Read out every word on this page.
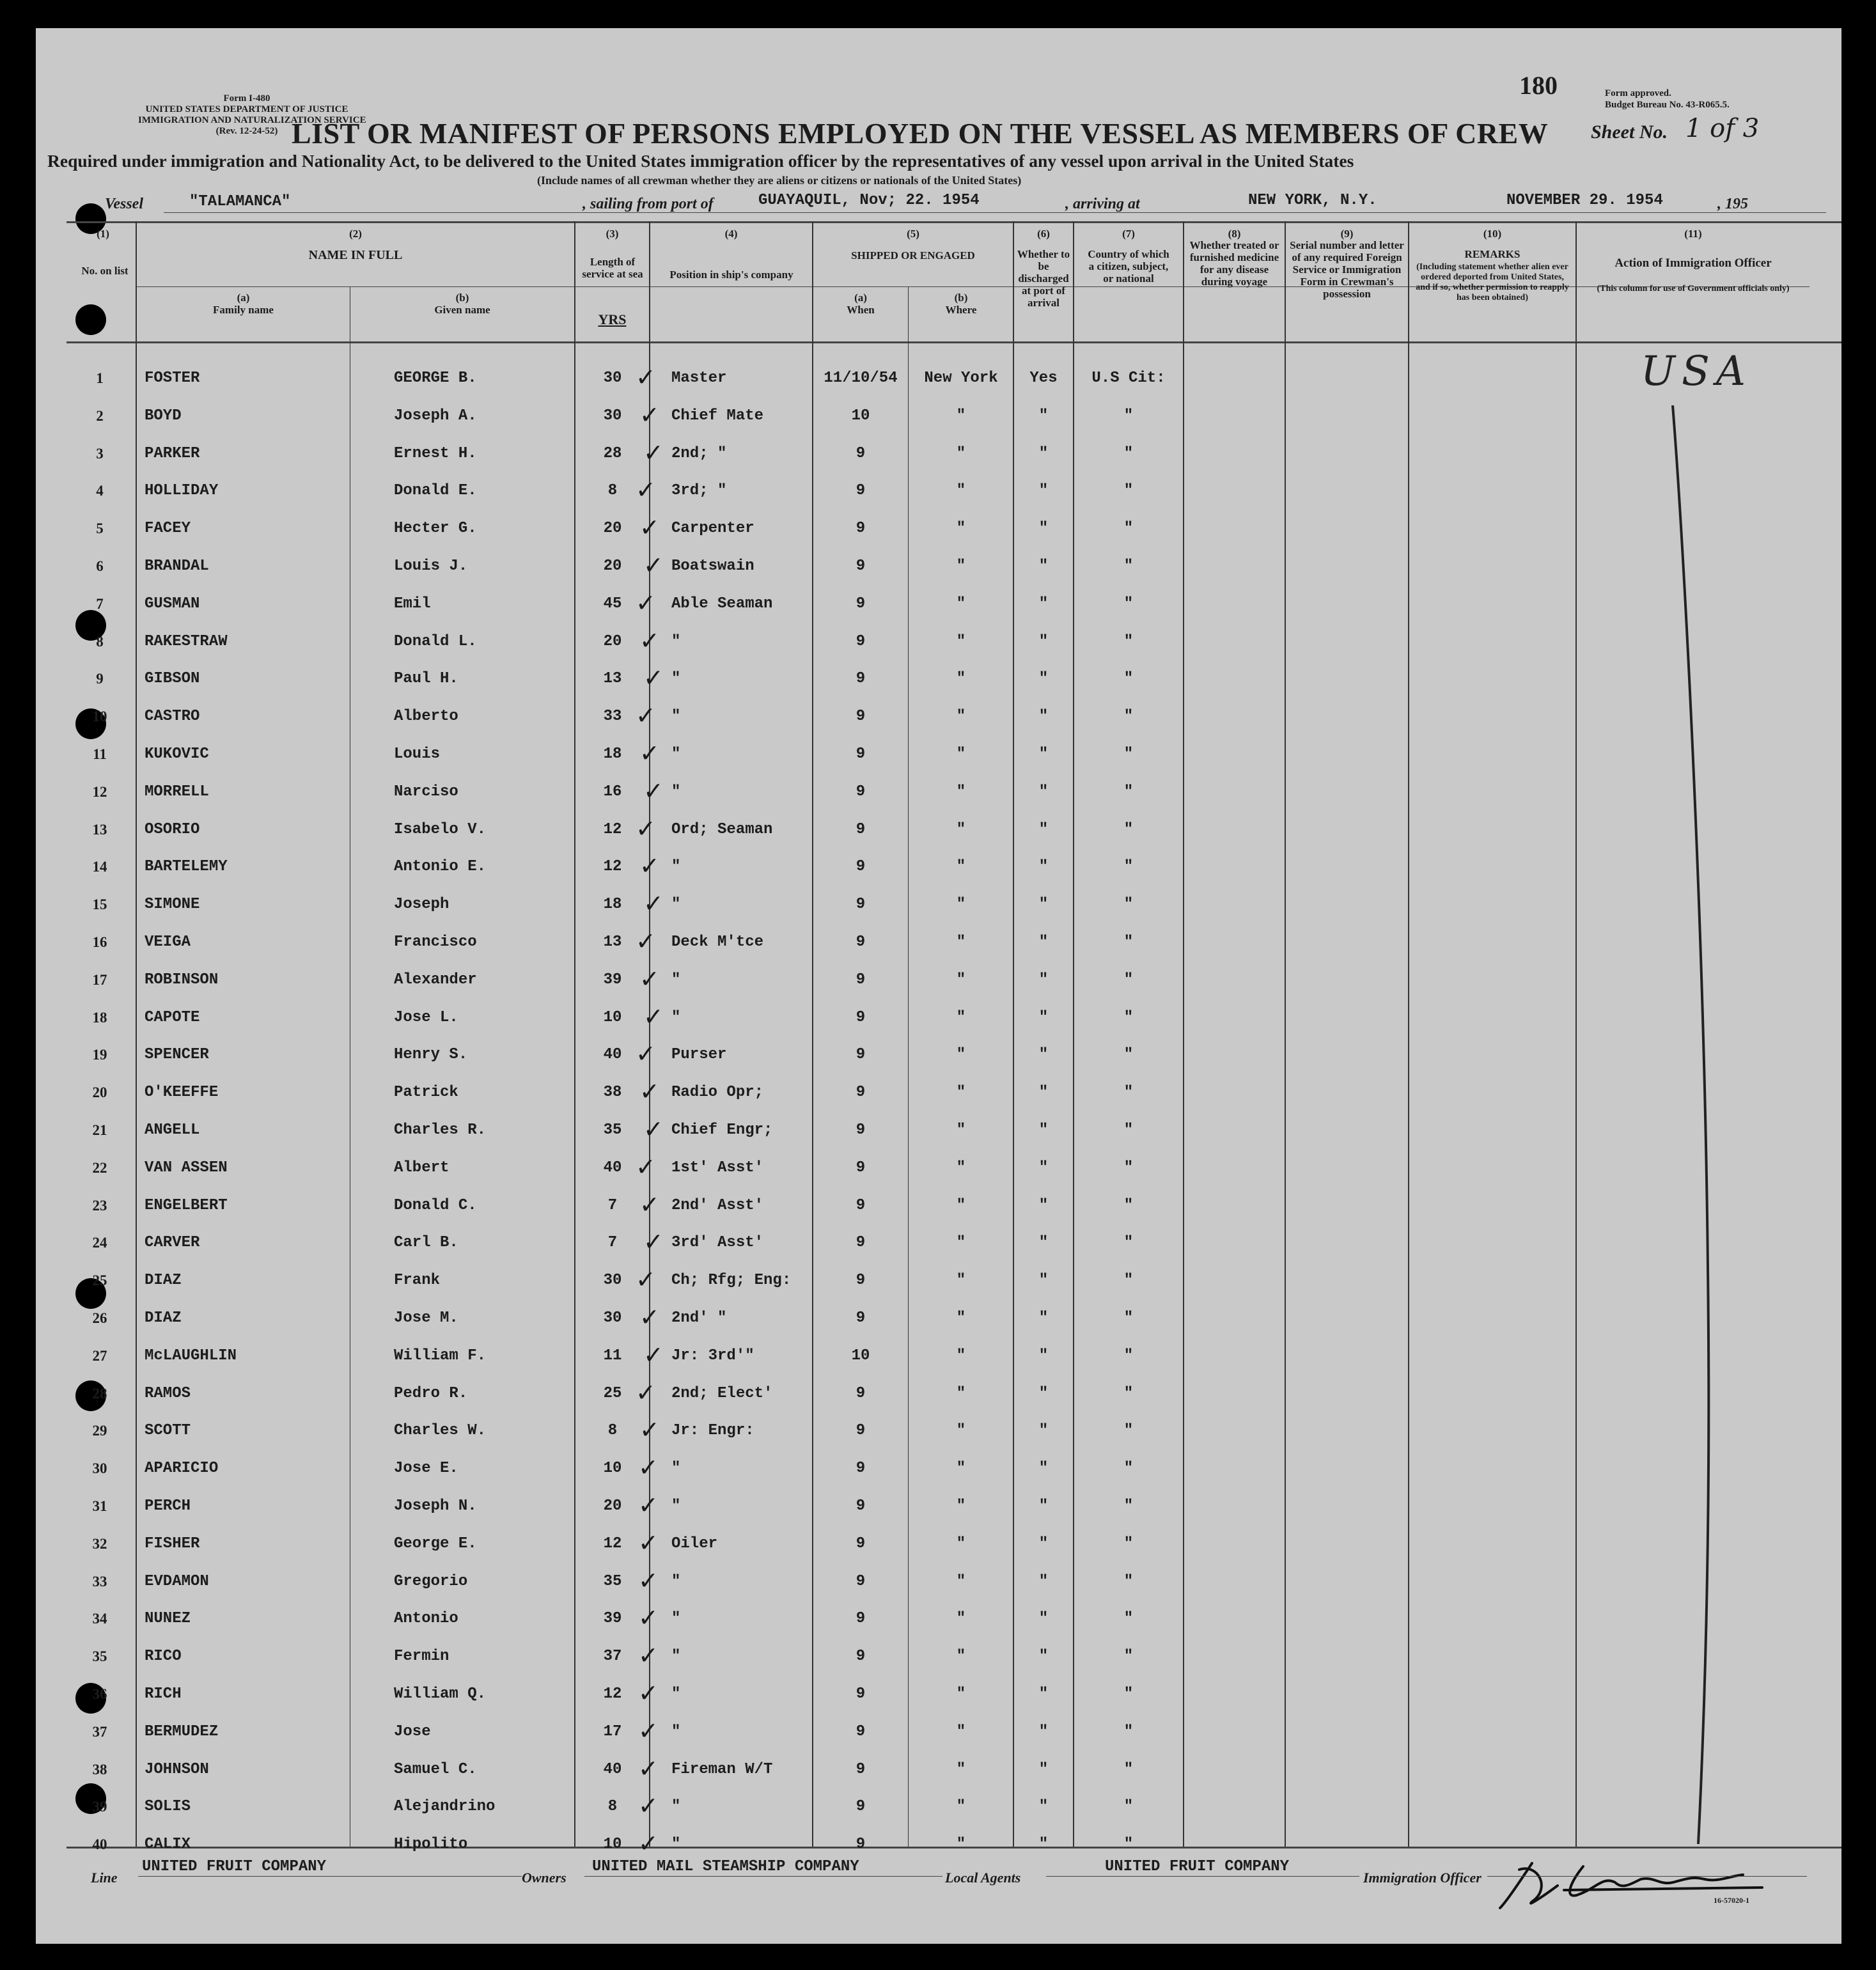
Form I-480
UNITED STATES DEPARTMENT OF JUSTICE
IMMIGRATION AND NATURALIZATION SERVICE
(Rev. 12-24-52)
180	Form approved.
Budget Bureau No. 43-R065.5.
LIST OR MANIFEST OF PERSONS EMPLOYED ON THE VESSEL AS MEMBERS OF CREW Sheet No. 1 of 3
Required under immigration and Nationality Act, to be delivered to the United States immigration officer by the representatives of any vessel upon arrival in the United States
(Include names of all crewman whether they are aliens or citizens or nationals of the United States)
Vessel	"TALAMANCA"	, sailing from port of	GUAYAQUIL, Nov; 22. 1954	, arriving at	NEW YORK, N.Y.	NOVEMBER 29. 1954	, 195
(1)
No. on list
(2)
NAME IN FULL
(a)
Family name
(b)
Given name
(3)
Length of service at sea
YRS
(4)
Position in ship's company
(5)
SHIPPED OR ENGAGED
(a)
When
(b)
Where
(6)
Whether to be discharged at port of arrival
(7)
Country of which a citizen, subject, or national
(8)
Whether treated or furnished medicine for any disease during voyage
(9)
Serial number and letter of any required Foreign Service or Immigration Form in Crewman's possession
(10)
REMARKS
(Including statement whether alien ever ordered deported from United States, and if so, whether permission to reapply has been obtained)
(11)
Action of Immigration Officer
(This column for use of Government officials only)
1	FOSTER	GEORGE B.	30	Master	11/10/54	New York	Yes	U.S Cit:
✓
2	BOYD	Joseph A.	30	Chief Mate	10	"	"	"
✓
3	PARKER	Ernest H.	28	2nd; "	9	"	"	"
✓
4	HOLLIDAY	Donald E.	8	3rd; "	9	"	"	"
✓
5	FACEY	Hecter G.	20	Carpenter	9	"	"	"
✓
6	BRANDAL	Louis J.	20	Boatswain	9	"	"	"
✓
7	GUSMAN	Emil	45	Able Seaman	9	"	"	"
✓
8	RAKESTRAW	Donald L.	20	"	9	"	"	"
✓
9	GIBSON	Paul H.	13	"	9	"	"	"
✓
10	CASTRO	Alberto	33	"	9	"	"	"
✓
11	KUKOVIC	Louis	18	"	9	"	"	"
✓
12	MORRELL	Narciso	16	"	9	"	"	"
✓
13	OSORIO	Isabelo V.	12	Ord; Seaman	9	"	"	"
✓
14	BARTELEMY	Antonio E.	12	"	9	"	"	"
✓
15	SIMONE	Joseph	18	"	9	"	"	"
✓
16	VEIGA	Francisco	13	Deck M'tce	9	"	"	"
✓
17	ROBINSON	Alexander	39	"	9	"	"	"
✓
18	CAPOTE	Jose L.	10	"	9	"	"	"
✓
19	SPENCER	Henry S.	40	Purser	9	"	"	"
✓
20	O'KEEFFE	Patrick	38	Radio Opr;	9	"	"	"
✓
21	ANGELL	Charles R.	35	Chief Engr;	9	"	"	"
✓
22	VAN ASSEN	Albert	40	1st' Asst'	9	"	"	"
✓
23	ENGELBERT	Donald C.	7	2nd' Asst'	9	"	"	"
✓
24	CARVER	Carl B.	7	3rd' Asst'	9	"	"	"
✓
25	DIAZ	Frank	30	Ch; Rfg; Eng:	9	"	"	"
✓
26	DIAZ	Jose M.	30	2nd' "	9	"	"	"
✓
27	McLAUGHLIN	William F.	11	Jr: 3rd'"	10	"	"	"
✓
28	RAMOS	Pedro R.	25	2nd; Elect'	9	"	"	"
✓
29	SCOTT	Charles W.	8	Jr: Engr:	9	"	"	"
✓
30	APARICIO	Jose E.	10	"	9	"	"	"
✓
31	PERCH	Joseph N.	20	"	9	"	"	"
✓
32	FISHER	George E.	12	Oiler	9	"	"	"
✓
33	EVDAMON	Gregorio	35	"	9	"	"	"
✓
34	NUNEZ	Antonio	39	"	9	"	"	"
✓
35	RICO	Fermin	37	"	9	"	"	"
✓
36	RICH	William Q.	12	"	9	"	"	"
✓
37	BERMUDEZ	Jose	17	"	9	"	"	"
✓
38	JOHNSON	Samuel C.	40	Fireman W/T	9	"	"	"
✓
39	SOLIS	Alejandrino	8	"	9	"	"	"
✓
40	CALIX	Hipolito	10	"	9	"	"	"
✓
USA
Line
UNITED FRUIT COMPANY
Owners
UNITED MAIL STEAMSHIP COMPANY
Local Agents
UNITED FRUIT COMPANY
Immigration Officer
16-57020-1
